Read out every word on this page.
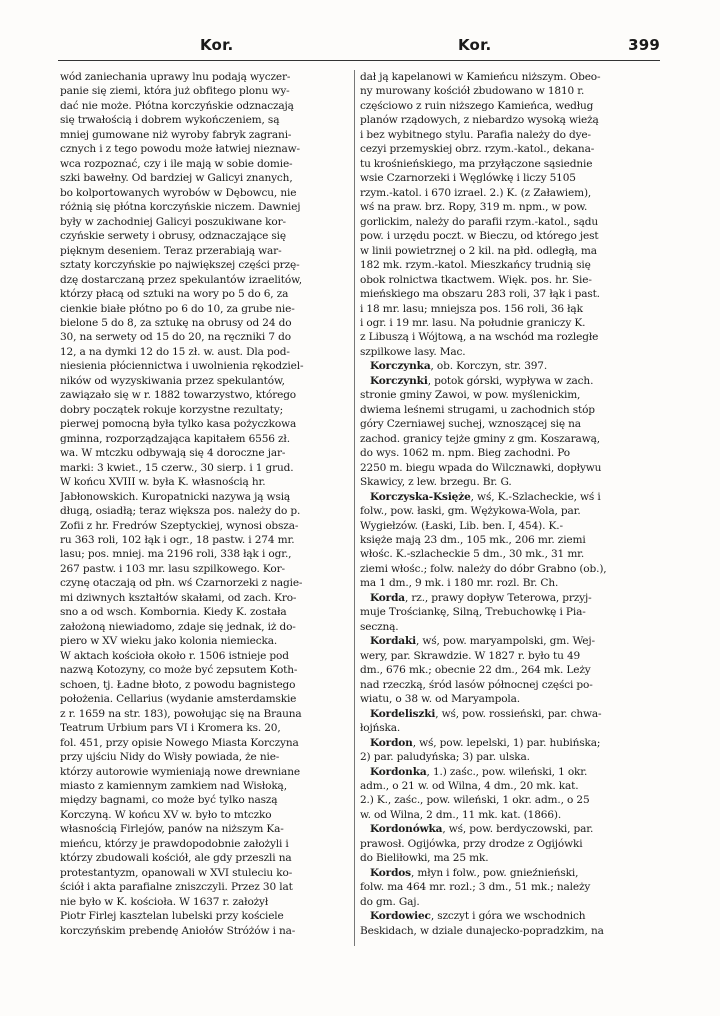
Kor.	Kor.	399
wód zaniechania uprawy lnu podają wyczer-
panie się ziemi, która już obfitego plonu wy-
dać nie może. Płótna korczyńskie odznaczają
się trwałością i dobrem wykończeniem, są
mniej gumowane niż wyroby fabryk zagrani-
cznych i z tego powodu może łatwiej nieznaw-
wca rozpoznać, czy i ile mają w sobie domie-
szki bawełny. Od bardziej w Galicyi znanych,
bo kolportowanych wyrobów w Dębowcu, nie
różnią się płótna korczyńskie niczem. Dawniej
były w zachodniej Galicyi poszukiwane kor-
czyńskie serwety i obrusy, odznaczające się
pięknym deseniem. Teraz przerabiają war-
sztaty korczyńskie po największej części przę-
dzę dostarczaną przez spekulantów izraelitów,
którzy płacą od sztuki na wory po 5 do 6, za
cienkie białe płótno po 6 do 10, za grube nie-
bielone 5 do 8, za sztukę na obrusy od 24 do
30, na serwety od 15 do 20, na ręczniki 7 do
12, a na dymki 12 do 15 zł. w. aust. Dla pod-
niesienia płóciennictwa i uwolnienia rękodziel-
ników od wyzyskiwania przez spekulantów,
zawiązało się w r. 1882 towarzystwo, którego
dobry początek rokuje korzystne rezultaty;
pierwej pomocną była tylko kasa pożyczkowa
gminna, rozporządzająca kapitałem 6556 zł.
wa. W mtczku odbywają się 4 doroczne jar-
marki: 3 kwiet., 15 czerw., 30 sierp. i 1 grud.
W końcu XVIII w. była K. własnością hr.
Jabłonowskich. Kuropatnicki nazywa ją wsią
długą, osiadłą; teraz większa pos. należy do p.
Zofii z hr. Fredrów Szeptyckiej, wynosi obsza-
ru 363 roli, 102 łąk i ogr., 18 pastw. i 274 mr.
lasu; pos. mniej. ma 2196 roli, 338 łąk i ogr.,
267 pastw. i 103 mr. lasu szpilkowego. Kor-
czynę otaczają od płn. wś Czarnorzeki z nagie-
mi dziwnych kształtów skałami, od zach. Kro-
sno a od wsch. Kombornia. Kiedy K. została
założoną niewiadomo, zdaje się jednak, iż do-
piero w XV wieku jako kolonia niemiecka.
W aktach kościoła około r. 1506 istnieje pod
nazwą Kotozyny, co może być zepsutem Koth-
schoen, tj. Ładne błoto, z powodu bagnistego
położenia. Cellarius (wydanie amsterdamskie
z r. 1659 na str. 183), powołując się na Brauna
Teatrum Urbium pars VI i Kromera ks. 20,
fol. 451, przy opisie Nowego Miasta Korczyna
przy ujściu Nidy do Wisły powiada, że nie-
którzy autorowie wymieniają nowe drewniane
miasto z kamiennym zamkiem nad Wisłoką,
między bagnami, co może być tylko naszą
Korczyną. W końcu XV w. było to mtczko
własnością Firlejów, panów na niższym Ka-
mieńcu, którzy je prawdopodobnie założyli i
którzy zbudowali kościół, ale gdy przeszli na
protestantyzm, opanowali w XVI stuleciu ko-
ściół i akta parafialne zniszczyli. Przez 30 lat
nie było w K. kościoła. W 1637 r. założył
Piotr Firlej kasztelan lubelski przy kościele
korczyńskim prebendę Aniołów Stróżów i na-
dał ją kapelanowi w Kamieńcu niższym. Obeo-
ny murowany kościół zbudowano w 1810 r.
częściowo z ruin niższego Kamieńca, według
planów rządowych, z niebardzo wysoką wieżą
i bez wybitnego stylu. Parafia należy do dye-
cezyi przemyskiej obrz. rzym.-katol., dekana-
tu krośnieńskiego, ma przyłączone sąsiednie
wsie Czarnorzeki i Węglówkę i liczy 5105
rzym.-katol. i 670 izrael. 2.) K. (z Załawiem),
wś na praw. brz. Ropy, 319 m. npm., w pow.
gorlickim, należy do parafii rzym.-katol., sądu
pow. i urzędu poczt. w Bieczu, od którego jest
w linii powietrznej o 2 kil. na płd. odległą, ma
182 mk. rzym.-katol. Mieszkańcy trudnią się
obok rolnictwa tkactwem. Więk. pos. hr. Sie-
mieńskiego ma obszaru 283 roli, 37 łąk i past.
i 18 mr. lasu; mniejsza pos. 156 roli, 36 łąk
i ogr. i 19 mr. lasu. Na południe graniczy K.
z Libuszą i Wójtową, a na wschód ma rozległe
szpilkowe lasy. Mac.
Korczynka, ob. Korczyn, str. 397.
Korczynki, potok górski, wypływa w zach.
stronie gminy Zawoi, w pow. myślenickim,
dwiema leśnemi strugami, u zachodnich stóp
góry Czerniawej suchej, wznoszącej się na
zachod. granicy tejże gminy z gm. Koszarawą,
do wys. 1062 m. npm. Bieg zachodni. Po
2250 m. biegu wpada do Wilcznawki, dopływu
Skawicy, z lew. brzegu. Br. G.
Korczyska-Księże, wś, K.-Szlacheckie, wś i
folw., pow. łaski, gm. Wężykowa-Wola, par.
Wygiełzów. (Łaski, Lib. ben. I, 454). K.-
księże mają 23 dm., 105 mk., 206 mr. ziemi
włośc. K.-szlacheckie 5 dm., 30 mk., 31 mr.
ziemi włośc.; folw. należy do dóbr Grabno (ob.),
ma 1 dm., 9 mk. i 180 mr. rozl. Br. Ch.
Korda, rz., prawy dopływ Teterowa, przyj-
muje Trościankę, Silną, Trebuchowkę i Pia-
seczną.
Kordaki, wś, pow. maryampolski, gm. Wej-
wery, par. Skrawdzie. W 1827 r. było tu 49
dm., 676 mk.; obecnie 22 dm., 264 mk. Leży
nad rzeczką, śród lasów północnej części po-
wiatu, o 38 w. od Maryampola.
Kordeliszki, wś, pow. rossieński, par. chwa-
łojńska.
Kordon, wś, pow. lepelski, 1) par. hubińska;
2) par. paludyńska; 3) par. ulska.
Kordonka, 1.) zaśc., pow. wileński, 1 okr.
adm., o 21 w. od Wilna, 4 dm., 20 mk. kat.
2.) K., zaśc., pow. wileński, 1 okr. adm., o 25
w. od Wilna, 2 dm., 11 mk. kat. (1866).
Kordonówka, wś, pow. berdyczowski, par.
prawosł. Ogijówka, przy drodze z Ogijówki
do Bieliłowki, ma 25 mk.
Kordos, młyn i folw., pow. gnieźnieński,
folw. ma 464 mr. rozl.; 3 dm., 51 mk.; należy
do gm. Gaj.
Kordowiec, szczyt i góra we wschodnich
Beskidach, w dziale dunajecko-popradzkim, na
